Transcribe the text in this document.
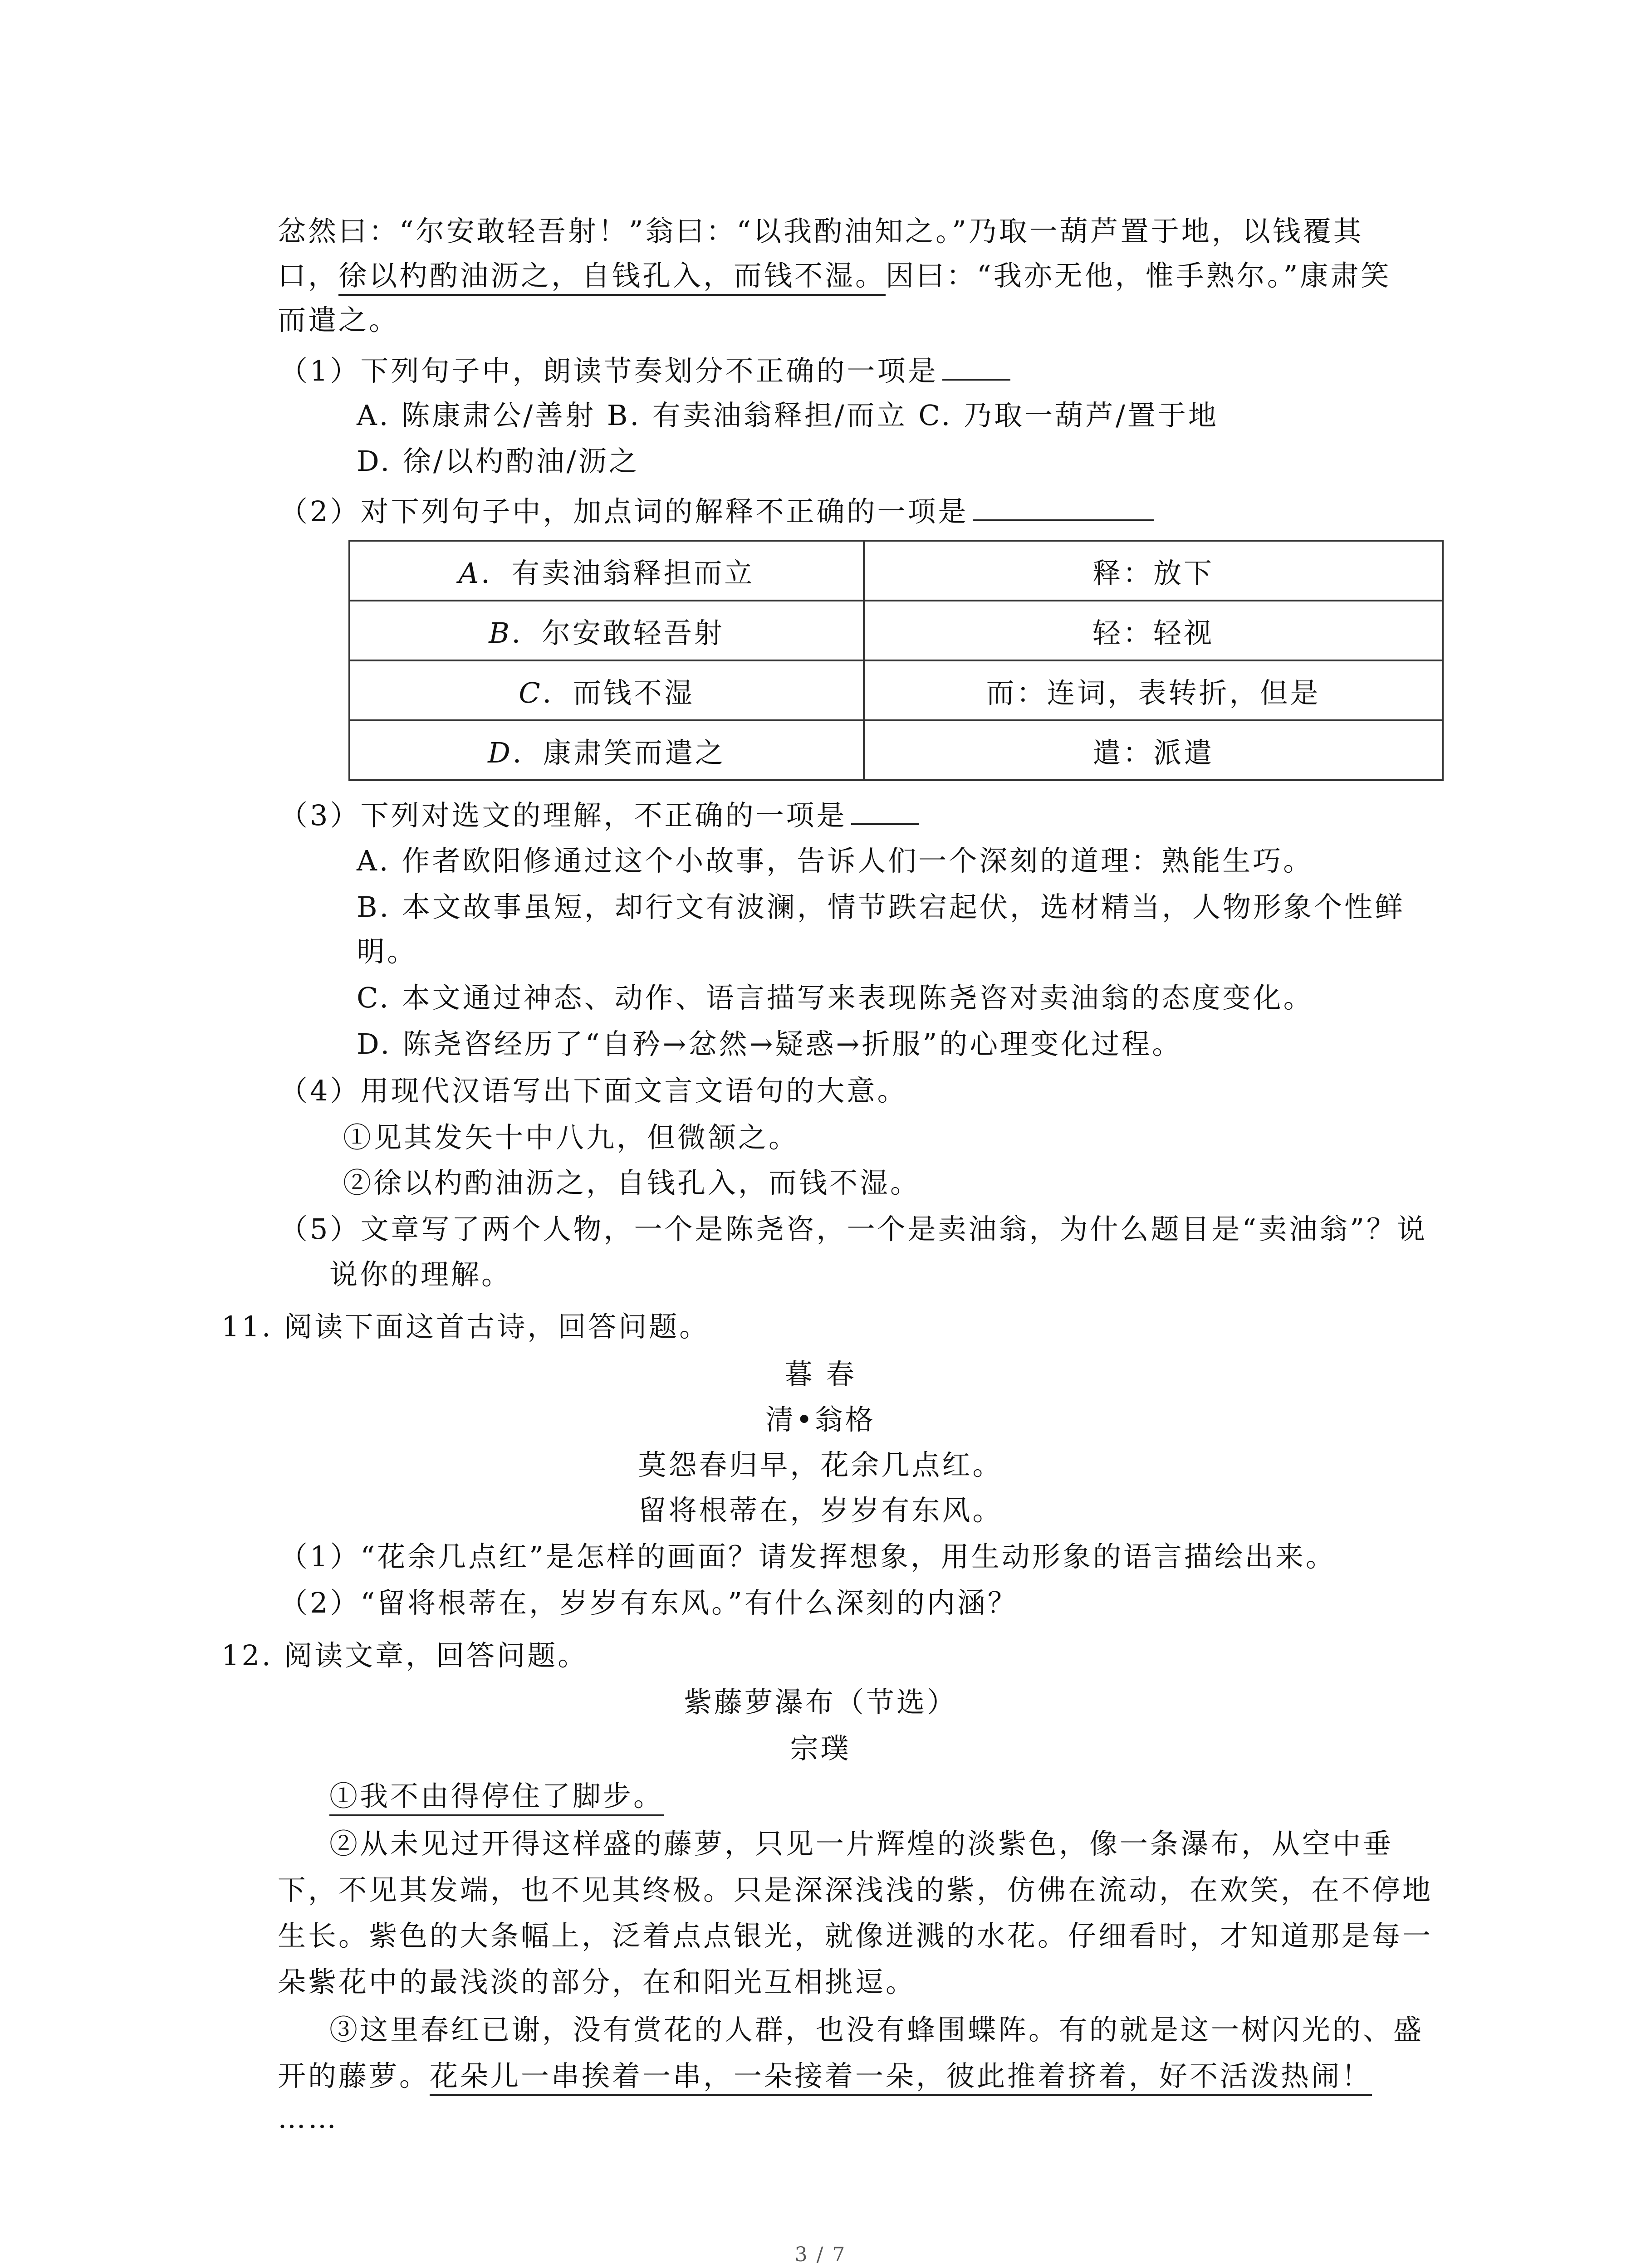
忿然曰：“尔安敢轻吾射！”翁曰：“以我酌油知之。”乃取一葫芦置于地，以钱覆其
口，徐以杓酌油沥之，自钱孔入，而钱不湿。因曰：“我亦无他，惟手熟尔。”康肃笑
而遣之。
（1）下列句子中，朗读节奏划分不正确的一项是
A. 陈康肃公/善射 B. 有卖油翁释担/而立 C. 乃取一葫芦/置于地
D. 徐/以杓酌油/沥之
（2）对下列句子中，加点词的解释不正确的一项是
A．有卖油翁释担而立	释：放下
B．尔安敢轻吾射	轻：轻视
C．而钱不湿	而：连词，表转折，但是
D．康肃笑而遣之	遣：派遣
（3）下列对选文的理解，不正确的一项是
A. 作者欧阳修通过这个小故事，告诉人们一个深刻的道理：熟能生巧。
B. 本文故事虽短，却行文有波澜，情节跌宕起伏，选材精当，人物形象个性鲜
明。
C. 本文通过神态、动作、语言描写来表现陈尧咨对卖油翁的态度变化。
D. 陈尧咨经历了“自矜→忿然→疑惑→折服”的心理变化过程。
（4）用现代汉语写出下面文言文语句的大意。
①见其发矢十中八九，但微颔之。
②徐以杓酌油沥之，自钱孔入，而钱不湿。
（5）文章写了两个人物，一个是陈尧咨，一个是卖油翁，为什么题目是“卖油翁”？说
说你的理解。
11. 阅读下面这首古诗，回答问题。
暮 春
清•翁格
莫怨春归早，花余几点红。
留将根蒂在，岁岁有东风。
（1）“花余几点红”是怎样的画面？请发挥想象，用生动形象的语言描绘出来。
（2）“留将根蒂在，岁岁有东风。”有什么深刻的内涵？
12. 阅读文章，回答问题。
紫藤萝瀑布（节选）
宗璞
①我不由得停住了脚步。
②从未见过开得这样盛的藤萝，只见一片辉煌的淡紫色，像一条瀑布，从空中垂
下，不见其发端，也不见其终极。只是深深浅浅的紫，仿佛在流动，在欢笑，在不停地
生长。紫色的大条幅上，泛着点点银光，就像迸溅的水花。仔细看时，才知道那是每一
朵紫花中的最浅淡的部分，在和阳光互相挑逗。
③这里春红已谢，没有赏花的人群，也没有蜂围蝶阵。有的就是这一树闪光的、盛
开的藤萝。花朵儿一串挨着一串，一朵接着一朵，彼此推着挤着，好不活泼热闹！
……
3 / 7
